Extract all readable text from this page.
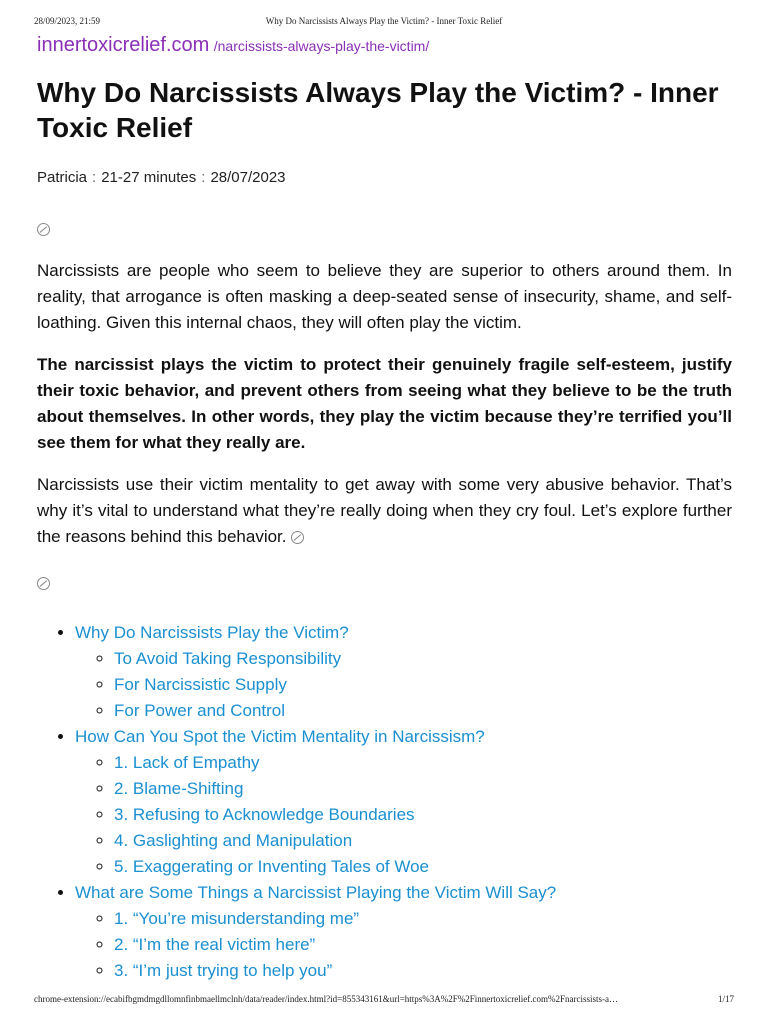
28/09/2023, 21:59	Why Do Narcissists Always Play the Victim? - Inner Toxic Relief
innertoxicrelief.com /narcissists-always-play-the-victim/
Why Do Narcissists Always Play the Victim? - Inner Toxic Relief
Patricia : 21-27 minutes : 28/07/2023

Narcissists are people who seem to believe they are superior to others around them. In reality, that arrogance is often masking a deep-seated sense of insecurity, shame, and self-loathing. Given this internal chaos, they will often play the victim.

The narcissist plays the victim to protect their genuinely fragile self-esteem, justify their toxic behavior, and prevent others from seeing what they believe to be the truth about themselves. In other words, they play the victim because they’re terrified you’ll see them for what they really are.

Narcissists use their victim mentality to get away with some very abusive behavior. That’s why it’s vital to understand what they’re really doing when they cry foul. Let’s explore further the reasons behind this behavior.

• Why Do Narcissists Play the Victim?
◦ To Avoid Taking Responsibility
◦ For Narcissistic Supply
◦ For Power and Control
• How Can You Spot the Victim Mentality in Narcissism?
◦ 1. Lack of Empathy
◦ 2. Blame-Shifting
◦ 3. Refusing to Acknowledge Boundaries
◦ 4. Gaslighting and Manipulation
◦ 5. Exaggerating or Inventing Tales of Woe
• What are Some Things a Narcissist Playing the Victim Will Say?
◦ 1. “You’re misunderstanding me”
◦ 2. “I’m the real victim here”
◦ 3. “I’m just trying to help you”
chrome-extension://ecabifbgmdmgdllomnfinbmaellmclnh/data/reader/index.html?id=855343161&url=https%3A%2F%2Finnertoxicrelief.com%2Fnarcissists-a…	1/17
